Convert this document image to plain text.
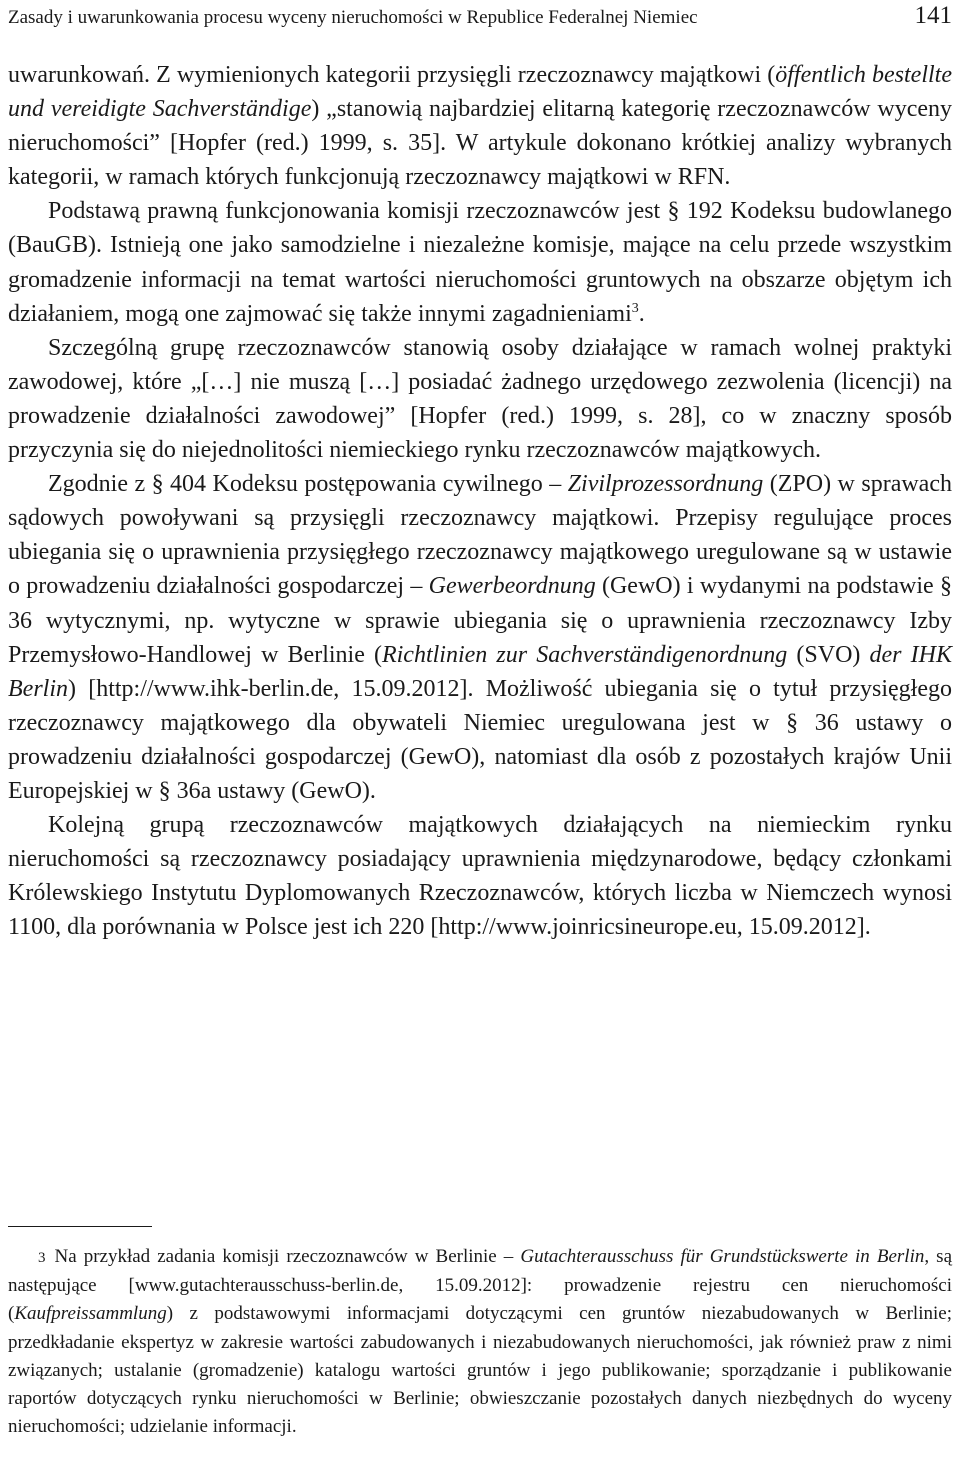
Zasady i uwarunkowania procesu wyceny nieruchomości w Republice Federalnej Niemiec	141

uwarunkowań. Z wymienionych kategorii przysięgli rzeczoznawcy majątkowi (öffentlich bestellte und vereidigte Sachverständige) „stanowią najbardziej elitarną kategorię rzeczoznawców wyceny nieruchomości” [Hopfer (red.) 1999, s. 35]. W artykule dokonano krótkiej analizy wybranych kategorii, w ramach których funkcjonują rzeczoznawcy majątkowi w RFN.

Podstawą prawną funkcjonowania komisji rzeczoznawców jest § 192 Kodeksu budowlanego (BauGB). Istnieją one jako samodzielne i niezależne komisje, mające na celu przede wszystkim gromadzenie informacji na temat wartości nieruchomości gruntowych na obszarze objętym ich działaniem, mogą one zajmować się także innymi zagadnieniami$^3$.

Szczególną grupę rzeczoznawców stanowią osoby działające w ramach wolnej praktyki zawodowej, które „[…] nie muszą […] posiadać żadnego urzędowego zezwolenia (licencji) na prowadzenie działalności zawodowej” [Hopfer (red.) 1999, s. 28], co w znaczny sposób przyczynia się do niejednolitości niemieckiego rynku rzeczoznawców majątkowych.

Zgodnie z § 404 Kodeksu postępowania cywilnego – Zivilprozessordnung (ZPO) w sprawach sądowych powoływani są przysięgli rzeczoznawcy majątkowi. Przepisy regulujące proces ubiegania się o uprawnienia przysięgłego rzeczoznawcy majątkowego uregulowane są w ustawie o prowadzeniu działalności gospodarczej – Gewerbeordnung (GewO) i wydanymi na podstawie § 36 wytycznymi, np. wytyczne w sprawie ubiegania się o uprawnienia rzeczoznawcy Izby Przemysłowo-Handlowej w Berlinie (Richtlinien zur Sachverständigenordnung (SVO) der IHK Berlin) [http://www.ihk-berlin.de, 15.09.2012]. Możliwość ubiegania się o tytuł przysięgłego rzeczoznawcy majątkowego dla obywateli Niemiec uregulowana jest w § 36 ustawy o prowadzeniu działalności gospodarczej (GewO), natomiast dla osób z pozostałych krajów Unii Europejskiej w § 36a ustawy (GewO).

Kolejną grupą rzeczoznawców majątkowych działających na niemieckim rynku nieruchomości są rzeczoznawcy posiadający uprawnienia międzynarodowe, będący członkami Królewskiego Instytutu Dyplomowanych Rzeczoznawców, których liczba w Niemczech wynosi 1100, dla porównania w Polsce jest ich 220 [http://www.joinricsineurope.eu, 15.09.2012].

3 Na przykład zadania komisji rzeczoznawców w Berlinie – Gutachterausschuss für Grundstückswerte in Berlin, są następujące [www.gutachterausschuss-berlin.de, 15.09.2012]: prowadzenie rejestru cen nieruchomości (Kaufpreissammlung) z podstawowymi informacjami dotyczącymi cen gruntów niezabudowanych w Berlinie; przedkładanie ekspertyz w zakresie wartości zabudowanych i niezabudowanych nieruchomości, jak również praw z nimi związanych; ustalanie (gromadzenie) katalogu wartości gruntów i jego publikowanie; sporządzanie i publikowanie raportów dotyczących rynku nieruchomości w Berlinie; obwieszczanie pozostałych danych niezbędnych do wyceny nieruchomości; udzielanie informacji.
